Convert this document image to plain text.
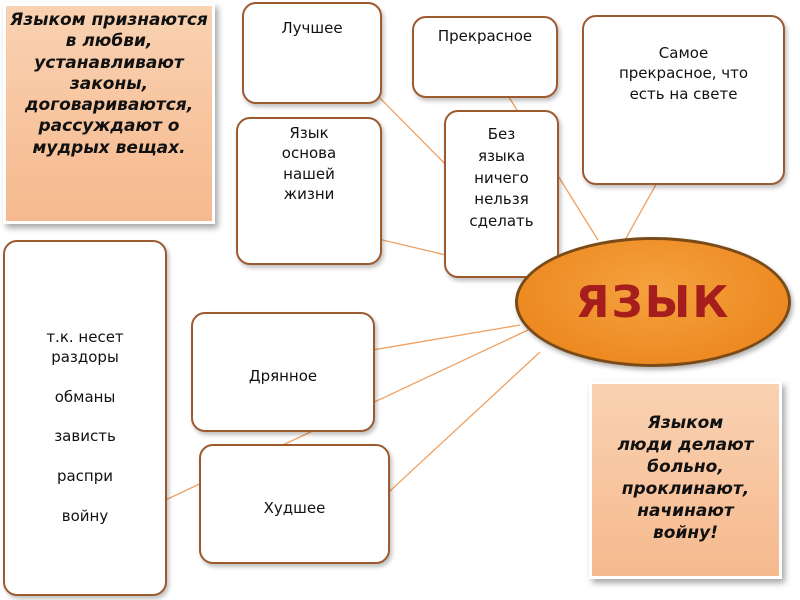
Языком признаются в любви, устанавливают законы, договариваются, рассуждают о мудрых вещах.
Лучшее	Прекрасное
Самое
прекрасное, что
есть на свете
Язык
основа
нашей
жизни
Без
языка
ничего
нельзя
сделать
т.к. несет
раздоры
обманы
зависть
распри
войну
Дрянное
Худшее
ЯЗЫК
Языком
люди делают
больно,
проклинают,
начинают
войну!
